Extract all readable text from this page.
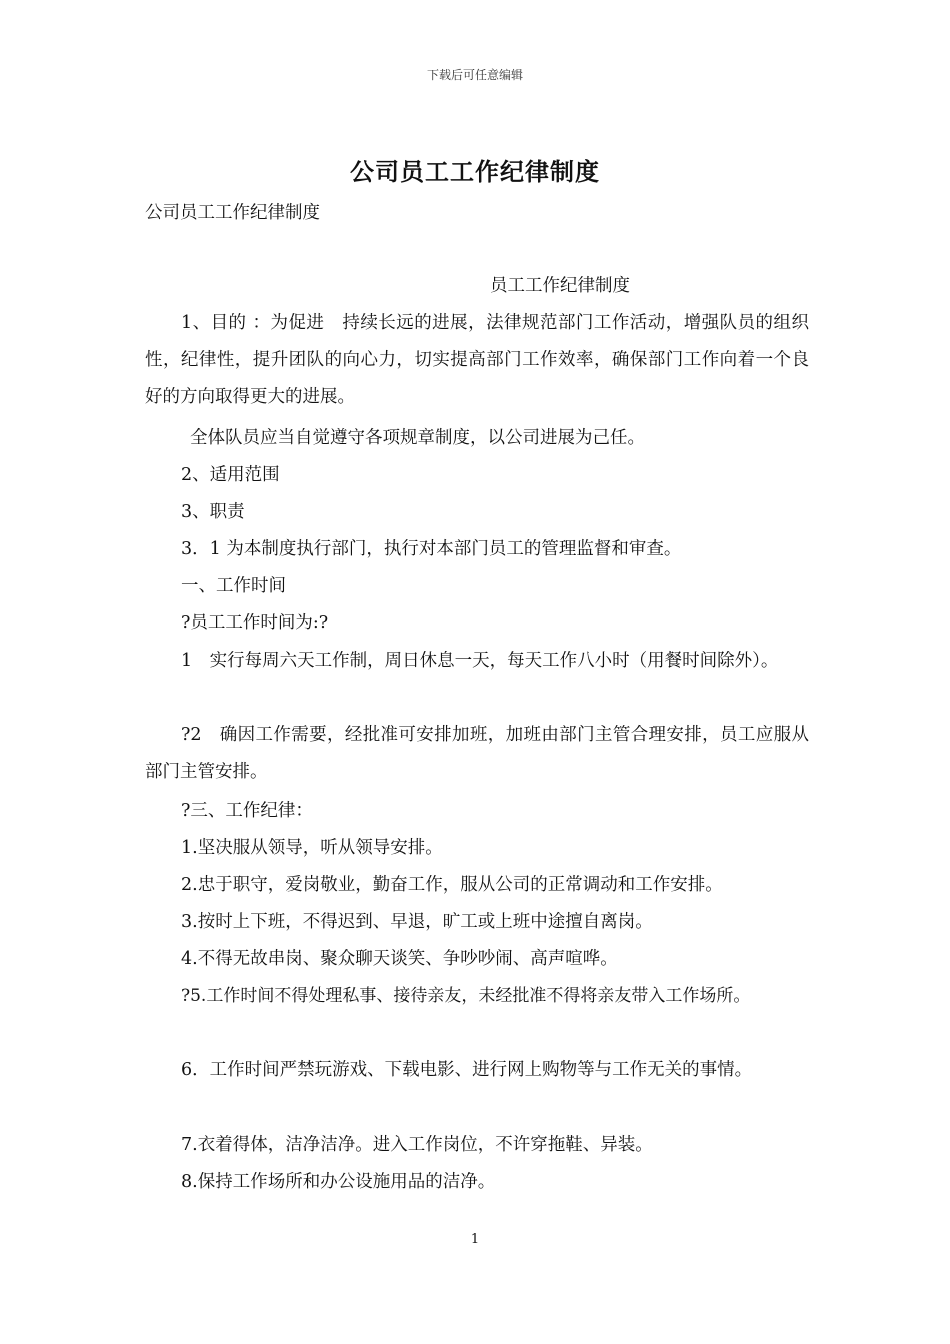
下载后可任意编辑
公司员工工作纪律制度
公司员工工作纪律制度
员工工作纪律制度
1、目的 ：为促进　持续长远的进展，法律规范部门工作活动，增强队员的组织性，纪律性，提升团队的向心力，切实提高部门工作效率，确保部门工作向着一个良好的方向取得更大的进展。
全体队员应当自觉遵守各项规章制度，以公司进展为己任。
2、适用范围
3、职责
3．1 为本制度执行部门，执行对本部门员工的管理监督和审查。
一、工作时间
?员工工作时间为:?
1　实行每周六天工作制，周日休息一天，每天工作八小时（用餐时间除外）。
?2　确因工作需要，经批准可安排加班，加班由部门主管合理安排，员工应服从部门主管安排。
?三、工作纪律：
1.坚决服从领导，听从领导安排。
2.忠于职守，爱岗敬业，勤奋工作，服从公司的正常调动和工作安排。
3.按时上下班，不得迟到、早退，旷工或上班中途擅自离岗。
4.不得无故串岗、聚众聊天谈笑、争吵吵闹、高声喧哗。
?5.工作时间不得处理私事、接待亲友，未经批准不得将亲友带入工作场所。
6．工作时间严禁玩游戏、下载电影、进行网上购物等与工作无关的事情。
7.衣着得体，洁净洁净。进入工作岗位，不许穿拖鞋、异装。
8.保持工作场所和办公设施用品的洁净。
1
